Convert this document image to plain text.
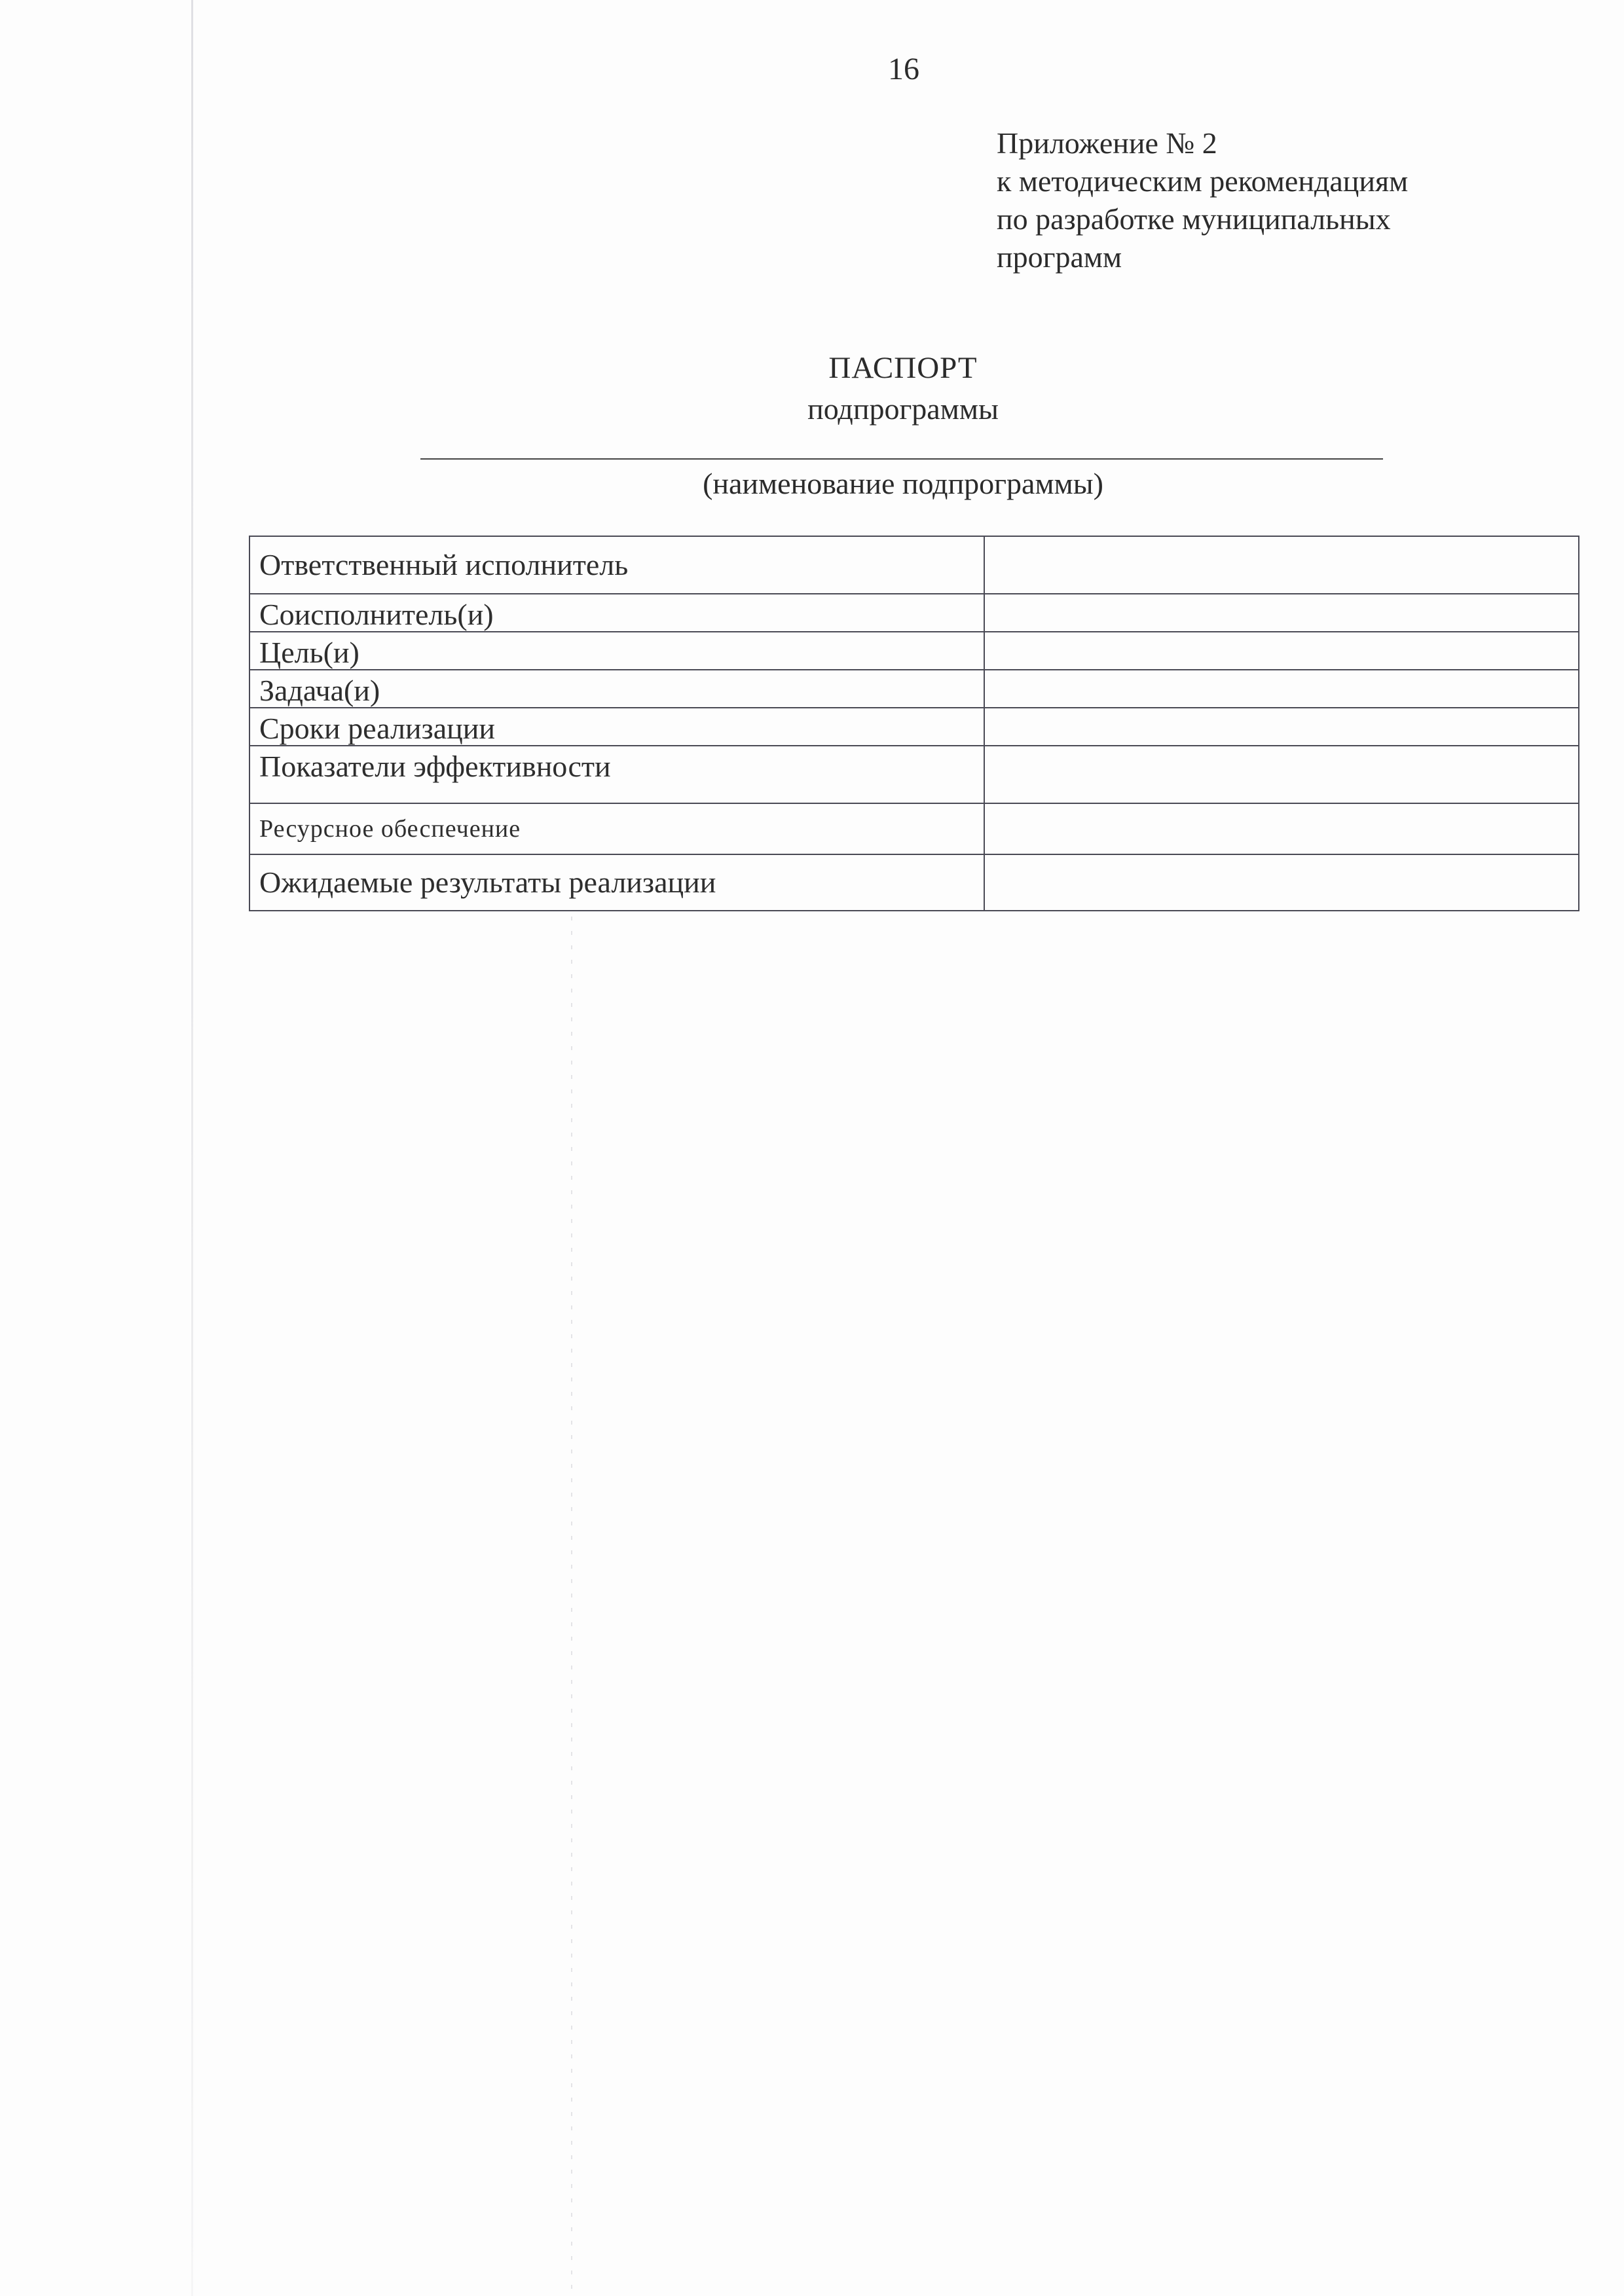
16
Приложение № 2
к методическим рекомендациям
по разработке муниципальных
программ
ПАСПОРТ
подпрограммы
(наименование подпрограммы)
Ответственный исполнитель	
Соисполнитель(и)	
Цель(и)	
Задача(и)	
Сроки реализации	
Показатели эффективности	
Ресурсное обеспечение	
Ожидаемые результаты реализации	
